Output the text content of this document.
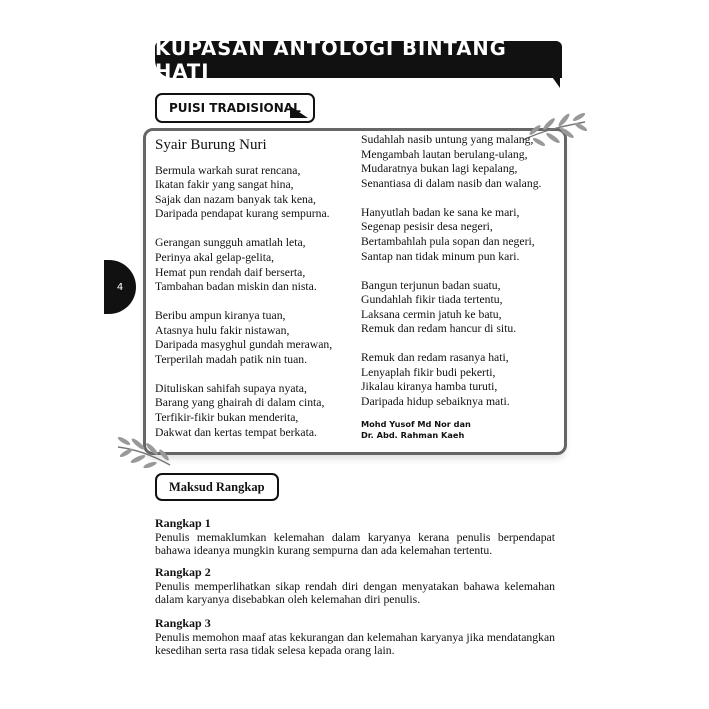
KUPASAN ANTOLOGI BINTANG HATI
PUISI TRADISIONAL
Syair Burung Nuri
Bermula warkah surat rencana,
Ikatan fakir yang sangat hina,
Sajak dan nazam banyak tak kena,
Daripada pendapat kurang sempurna.
Gerangan sungguh amatlah leta,
Perinya akal gelap-gelita,
Hemat pun rendah daif berserta,
Tambahan badan miskin dan nista.
Beribu ampun kiranya tuan,
Atasnya hulu fakir nistawan,
Daripada masyghul gundah merawan,
Terperilah madah patik nin tuan.
Dituliskan sahifah supaya nyata,
Barang yang ghairah di dalam cinta,
Terfikir-fikir bukan menderita,
Dakwat dan kertas tempat berkata.
Sudahlah nasib untung yang malang,
Mengambah lautan berulang-ulang,
Mudaratnya bukan lagi kepalang,
Senantiasa di dalam nasib dan walang.
Hanyutlah badan ke sana ke mari,
Segenap pesisir desa negeri,
Bertambahlah pula sopan dan negeri,
Santap nan tidak minum pun kari.
Bangun terjunun badan suatu,
Gundahlah fikir tiada tertentu,
Laksana cermin jatuh ke batu,
Remuk dan redam hancur di situ.
Remuk dan redam rasanya hati,
Lenyaplah fikir budi pekerti,
Jikalau kiranya hamba turuti,
Daripada hidup sebaiknya mati.
Mohd Yusof Md Nor dan
Dr. Abd. Rahman Kaeh
4
Maksud Rangkap
Rangkap 1
Penulis memaklumkan kelemahan dalam karyanya kerana penulis berpendapat bahawa ideanya mungkin kurang sempurna dan ada kelemahan tertentu.
Rangkap 2
Penulis memperlihatkan sikap rendah diri dengan menyatakan bahawa kelemahan dalam karyanya disebabkan oleh kelemahan diri penulis.
Rangkap 3
Penulis memohon maaf atas kekurangan dan kelemahan karyanya jika mendatangkan kesedihan serta rasa tidak selesa kepada orang lain.
